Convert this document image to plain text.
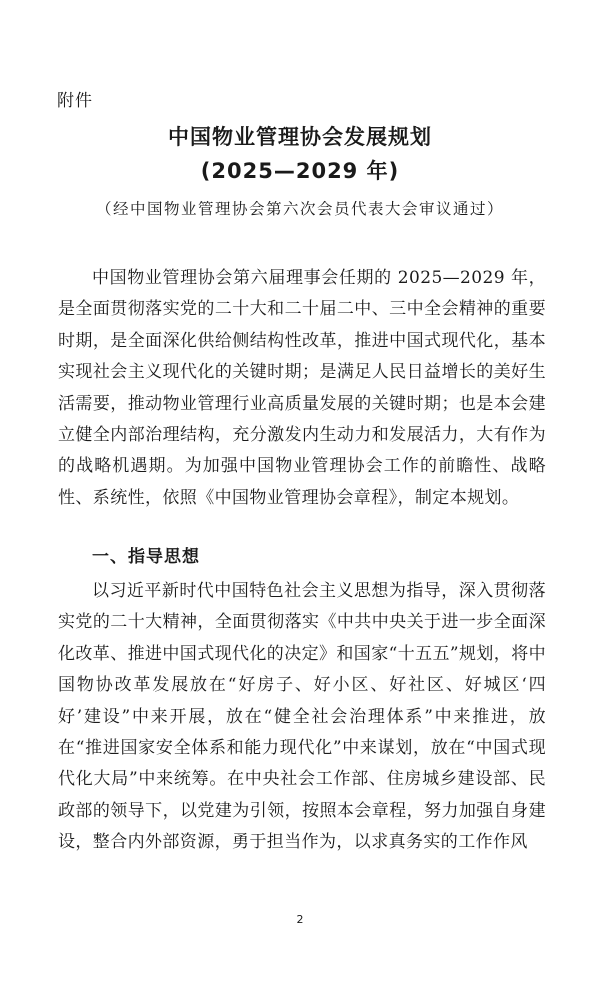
附件
中国物业管理协会发展规划
(2025—2029 年)
（经中国物业管理协会第六次会员代表大会审议通过）

中国物业管理协会第六届理事会任期的 2025—2029 年，是全面贯彻落实党的二十大和二十届二中、三中全会精神的重要时期，是全面深化供给侧结构性改革，推进中国式现代化，基本实现社会主义现代化的关键时期；是满足人民日益增长的美好生活需要，推动物业管理行业高质量发展的关键时期；也是本会建立健全内部治理结构，充分激发内生动力和发展活力，大有作为的战略机遇期。为加强中国物业管理协会工作的前瞻性、战略性、系统性，依照《中国物业管理协会章程》，制定本规划。

一、指导思想

以习近平新时代中国特色社会主义思想为指导，深入贯彻落实党的二十大精神，全面贯彻落实《中共中央关于进一步全面深化改革、推进中国式现代化的决定》和国家“十五五”规划，将中国物协改革发展放在“好房子、好小区、好社区、好城区‘四好’建设”中来开展，放在“健全社会治理体系”中来推进，放在“推进国家安全体系和能力现代化”中来谋划，放在“中国式现代化大局”中来统筹。在中央社会工作部、住房城乡建设部、民政部的领导下，以党建为引领，按照本会章程，努力加强自身建设，整合内外部资源，勇于担当作为，以求真务实的工作作风

2
